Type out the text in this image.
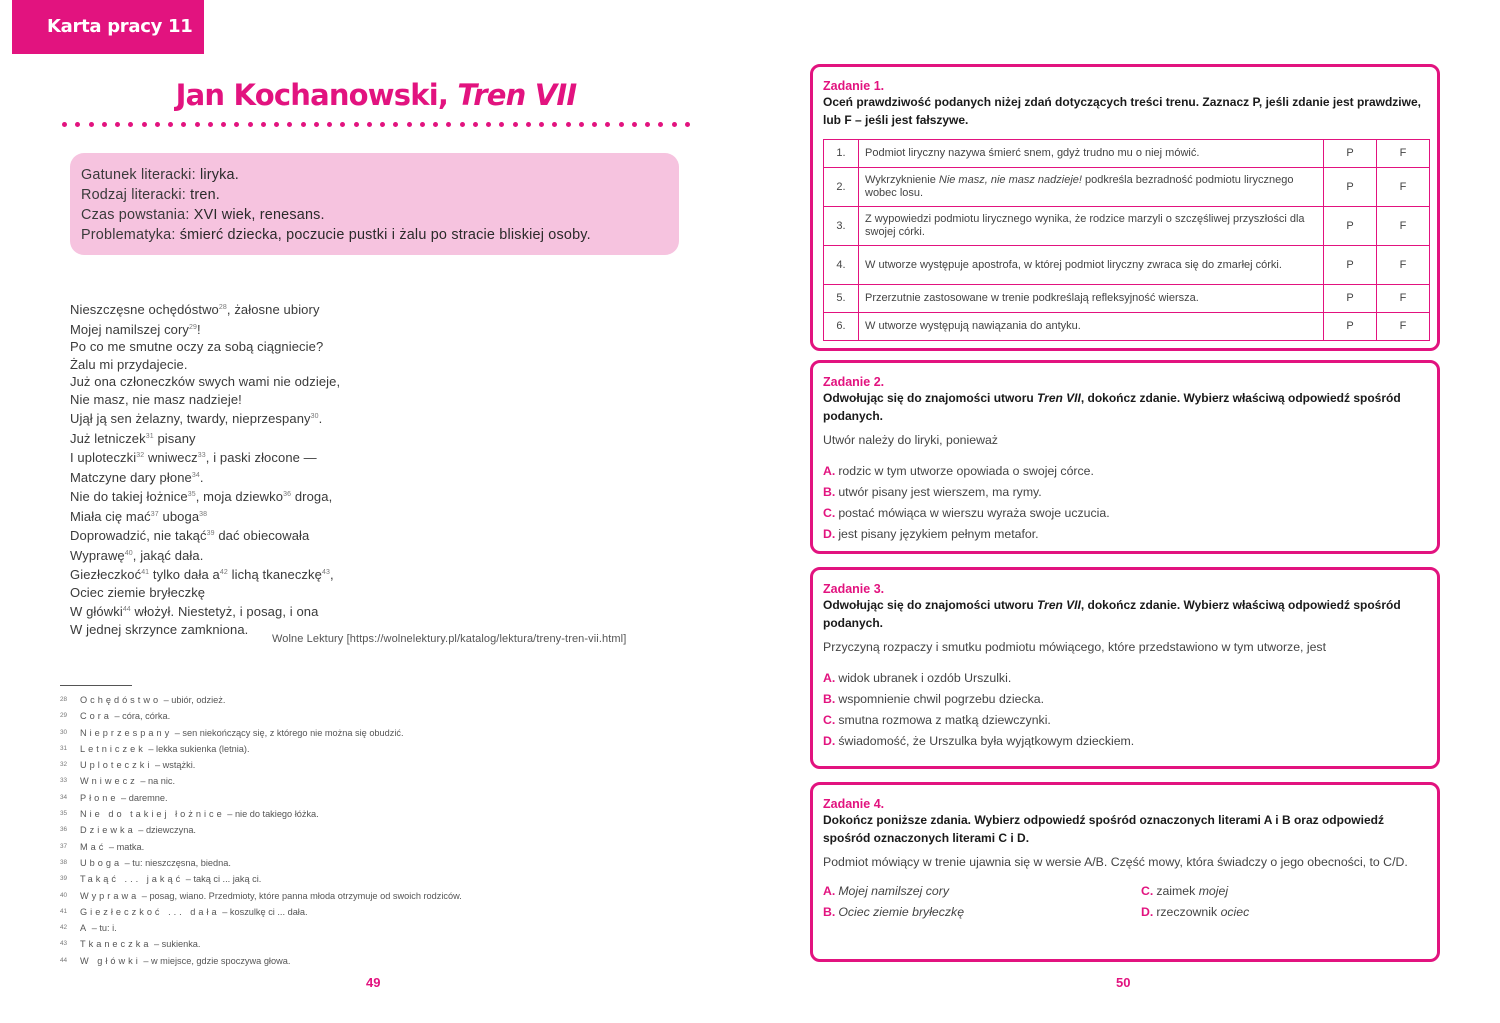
Karta pracy 11
Jan Kochanowski, Tren VII
Gatunek literacki: liryka.
Rodzaj literacki: tren.
Czas powstania: XVI wiek, renesans.
Problematyka: śmierć dziecka, poczucie pustki i żalu po stracie bliskiej osoby.
Nieszczęsne ochędóstwo$^{28}$, żałosne ubiory
Mojej namilszej cory$^{29}$!
Po co me smutne oczy za sobą ciągniecie?
Żalu mi przydajecie.
Już ona członeczków swych wami nie odzieje,
Nie masz, nie masz nadzieje!
Ujął ją sen żelazny, twardy, nieprzespany$^{30}$.
Już letniczek$^{31}$ pisany
I uploteczki$^{32}$ wniwecz$^{33}$, i paski złocone —
Matczyne dary płone$^{34}$.
Nie do takiej łożnice$^{35}$, moja dziewko$^{36}$ droga,
Miała cię mać$^{37}$ uboga$^{38}$
Doprowadzić, nie takąć$^{39}$ dać obiecowała
Wyprawę$^{40}$, jakąć dała.
Giezłeczkoć$^{41}$ tylko dała $a^{42}$ lichą tkaneczkę$^{43}$,
Ociec ziemie bryłeczkę
W główki$^{44}$ włożył. Niestetyż, i posag, i ona
W jednej skrzynce zamkniona.
Wolne Lektury [https://wolnelektury.pl/katalog/lektura/treny-tren-vii.html]
28	Ochędóstwo – ubiór, odzież.
29	Cora – córa, córka.
30	Nieprzespany – sen niekończący się, z którego nie można się obudzić.
31	Letniczek – lekka sukienka (letnia).
32	Uploteczki – wstążki.
33	Wniwecz – na nic.
34	Płone – daremne.
35	Nie do takiej łożnice – nie do takiego łóżka.
36	Dziewka – dziewczyna.
37	Mać – matka.
38	Uboga – tu: nieszczęsna, biedna.
39	Takąć ... jakąć – taką ci ... jaką ci.
40	Wyprawa – posag, wiano. Przedmioty, które panna młoda otrzymuje od swoich rodziców.
41	Giezłeczkoć ... dała – koszulkę ci ... dała.
42	A – tu: i.
43	Tkaneczka – sukienka.
44	W główki – w miejsce, gdzie spoczywa głowa.
49
Zadanie 1.
Oceń prawdziwość podanych niżej zdań dotyczących treści trenu. Zaznacz P, jeśli zdanie jest prawdziwe, lub F – jeśli jest fałszywe.
1.	Podmiot liryczny nazywa śmierć snem, gdyż trudno mu o niej mówić.	P	F
2.	Wykrzyknienie Nie masz, nie masz nadzieje! podkreśla bezradność podmiotu lirycznego wobec losu.	P	F
3.	Z wypowiedzi podmiotu lirycznego wynika, że rodzice marzyli o szczęśliwej przyszłości dla swojej córki.	P	F
4.	W utworze występuje apostrofa, w której podmiot liryczny zwraca się do zmarłej córki.	P	F
5.	Przerzutnie zastosowane w trenie podkreślają refleksyjność wiersza.	P	F
6.	W utworze występują nawiązania do antyku.	P	F
Zadanie 2.
Odwołując się do znajomości utworu Tren VII, dokończ zdanie. Wybierz właściwą odpowiedź spośród podanych.
Utwór należy do liryki, ponieważ
A. rodzic w tym utworze opowiada o swojej córce.
B. utwór pisany jest wierszem, ma rymy.
C. postać mówiąca w wierszu wyraża swoje uczucia.
D. jest pisany językiem pełnym metafor.
Zadanie 3.
Odwołując się do znajomości utworu Tren VII, dokończ zdanie. Wybierz właściwą odpowiedź spośród podanych.
Przyczyną rozpaczy i smutku podmiotu mówiącego, które przedstawiono w tym utworze, jest
A. widok ubranek i ozdób Urszulki.
B. wspomnienie chwil pogrzebu dziecka.
C. smutna rozmowa z matką dziewczynki.
D. świadomość, że Urszulka była wyjątkowym dzieckiem.
Zadanie 4.
Dokończ poniższe zdania. Wybierz odpowiedź spośród oznaczonych literami A i B oraz odpowiedź spośród oznaczonych literami C i D.
Podmiot mówiący w trenie ujawnia się w wersie A/B. Część mowy, która świadczy o jego obecności, to C/D.
A. Mojej namilszej cory	C. zaimek mojej
B. Ociec ziemie bryłeczkę	D. rzeczownik ociec
50
